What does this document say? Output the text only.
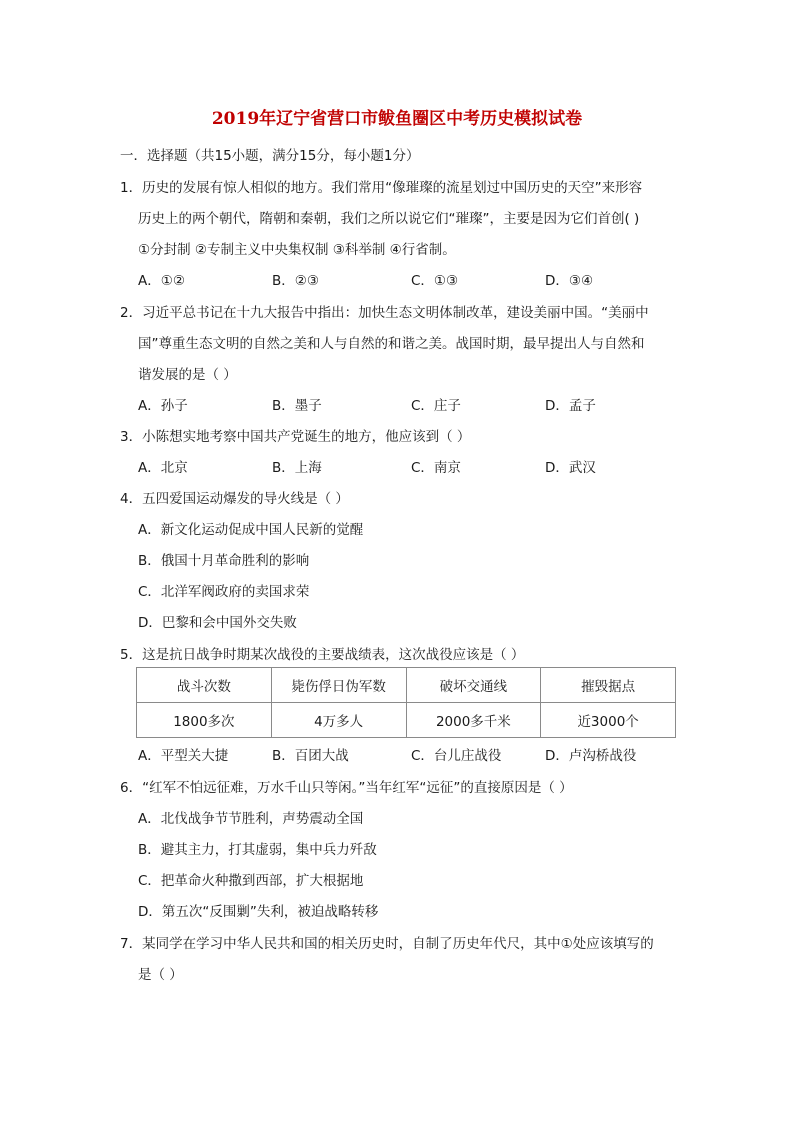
2019年辽宁省营口市鲅鱼圈区中考历史模拟试卷
一．选择题（共15小题，满分15分，每小题1分）
1．历史的发展有惊人相似的地方。我们常用“像璀璨的流星划过中国历史的天空”来形容
历史上的两个朝代，隋朝和秦朝，我们之所以说它们“璀璨”，主要是因为它们首创( )
①分封制 ②专制主义中央集权制 ③科举制 ④行省制。
A．①②	B．②③	C．①③	D．③④
2．习近平总书记在十九大报告中指出：加快生态文明体制改革，建设美丽中国。“美丽中
国”尊重生态文明的自然之美和人与自然的和谐之美。战国时期，最早提出人与自然和
谐发展的是（ ）
A．孙子	B．墨子	C．庄子	D．孟子
3．小陈想实地考察中国共产党诞生的地方，他应该到（ ）
A．北京	B．上海	C．南京	D．武汉
4．五四爱国运动爆发的导火线是（ ）
A．新文化运动促成中国人民新的觉醒
B．俄国十月革命胜利的影响
C．北洋军阀政府的卖国求荣
D．巴黎和会中国外交失败
5．这是抗日战争时期某次战役的主要战绩表，这次战役应该是（ ）
战斗次数	毙伤俘日伪军数	破坏交通线	摧毁据点
1800多次	4万多人	2000多千米	近3000个
A．平型关大捷	B．百团大战	C．台儿庄战役	D．卢沟桥战役
6．“红军不怕远征难，万水千山只等闲。”当年红军“远征”的直接原因是（ ）
A．北伐战争节节胜利，声势震动全国
B．避其主力，打其虚弱，集中兵力歼敌
C．把革命火种撒到西部，扩大根据地
D．第五次“反围剿”失利，被迫战略转移
7．某同学在学习中华人民共和国的相关历史时，自制了历史年代尺，其中①处应该填写的
是（ ）
